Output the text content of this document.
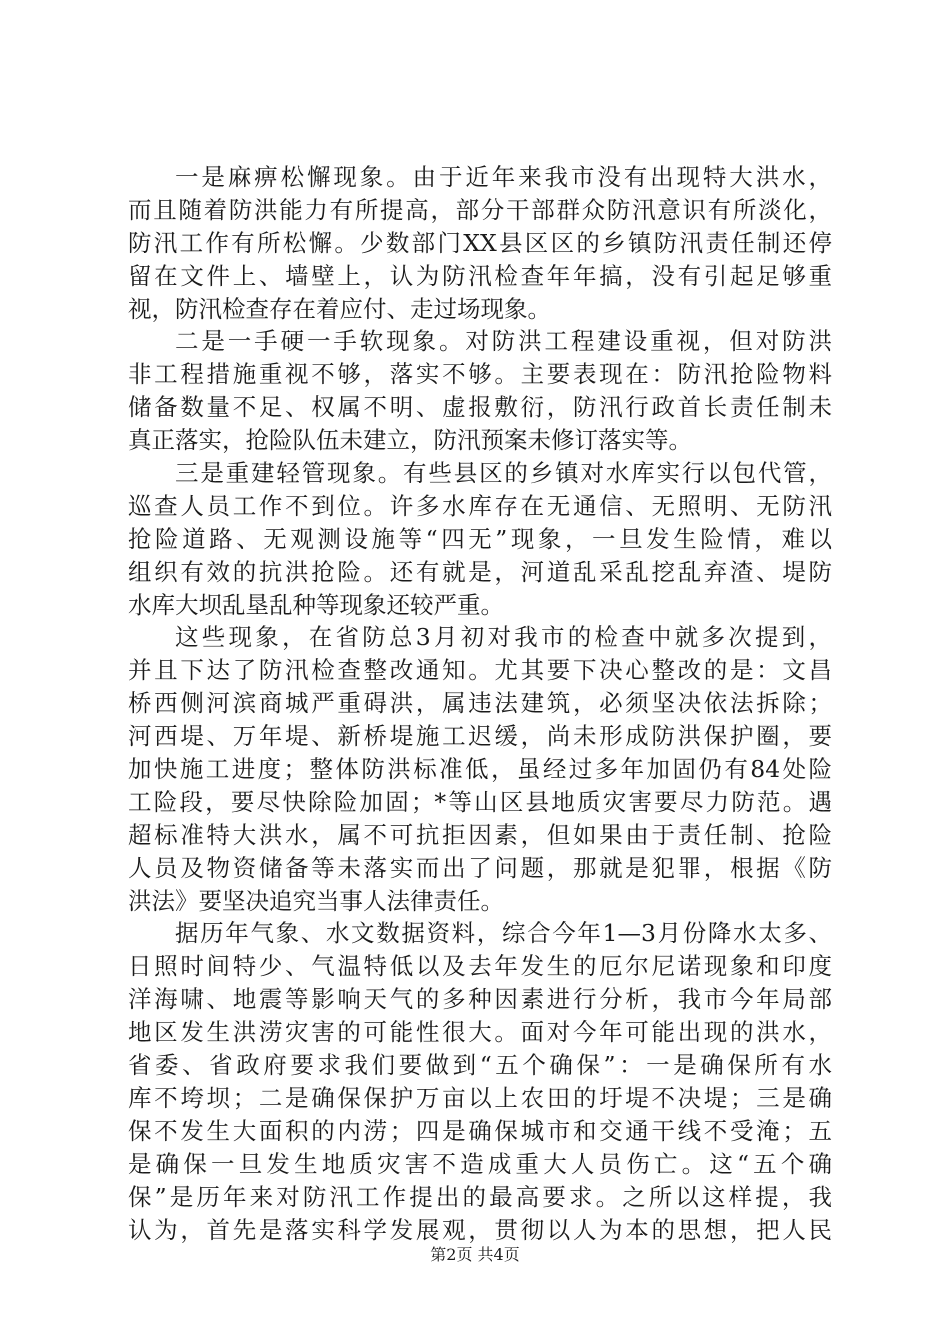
一是麻痹松懈现象。由于近年来我市没有出现特大洪水，
而且随着防洪能力有所提高，部分干部群众防汛意识有所淡化，
防汛工作有所松懈。少数部门XX县区区的乡镇防汛责任制还停
留在文件上、墙壁上，认为防汛检查年年搞，没有引起足够重
视，防汛检查存在着应付、走过场现象。
二是一手硬一手软现象。对防洪工程建设重视，但对防洪
非工程措施重视不够，落实不够。主要表现在：防汛抢险物料
储备数量不足、权属不明、虚报敷衍，防汛行政首长责任制未
真正落实，抢险队伍未建立，防汛预案未修订落实等。
三是重建轻管现象。有些县区的乡镇对水库实行以包代管，
巡查人员工作不到位。许多水库存在无通信、无照明、无防汛
抢险道路、无观测设施等“四无”现象，一旦发生险情，难以
组织有效的抗洪抢险。还有就是，河道乱采乱挖乱弃渣、堤防
水库大坝乱垦乱种等现象还较严重。
这些现象，在省防总3月初对我市的检查中就多次提到，
并且下达了防汛检查整改通知。尤其要下决心整改的是：文昌
桥西侧河滨商城严重碍洪，属违法建筑，必须坚决依法拆除；
河西堤、万年堤、新桥堤施工迟缓，尚未形成防洪保护圈，要
加快施工进度；整体防洪标准低，虽经过多年加固仍有84处险
工险段，要尽快除险加固；*等山区县地质灾害要尽力防范。遇
超标准特大洪水，属不可抗拒因素，但如果由于责任制、抢险
人员及物资储备等未落实而出了问题，那就是犯罪，根据《防
洪法》要坚决追究当事人法律责任。
据历年气象、水文数据资料，综合今年1—3月份降水太多、
日照时间特少、气温特低以及去年发生的厄尔尼诺现象和印度
洋海啸、地震等影响天气的多种因素进行分析，我市今年局部
地区发生洪涝灾害的可能性很大。面对今年可能出现的洪水，
省委、省政府要求我们要做到“五个确保”：一是确保所有水
库不垮坝；二是确保保护万亩以上农田的圩堤不决堤；三是确
保不发生大面积的内涝；四是确保城市和交通干线不受淹；五
是确保一旦发生地质灾害不造成重大人员伤亡。这“五个确
保”是历年来对防汛工作提出的最高要求。之所以这样提，我
认为，首先是落实科学发展观，贯彻以人为本的思想，把人民
第2页 共4页
